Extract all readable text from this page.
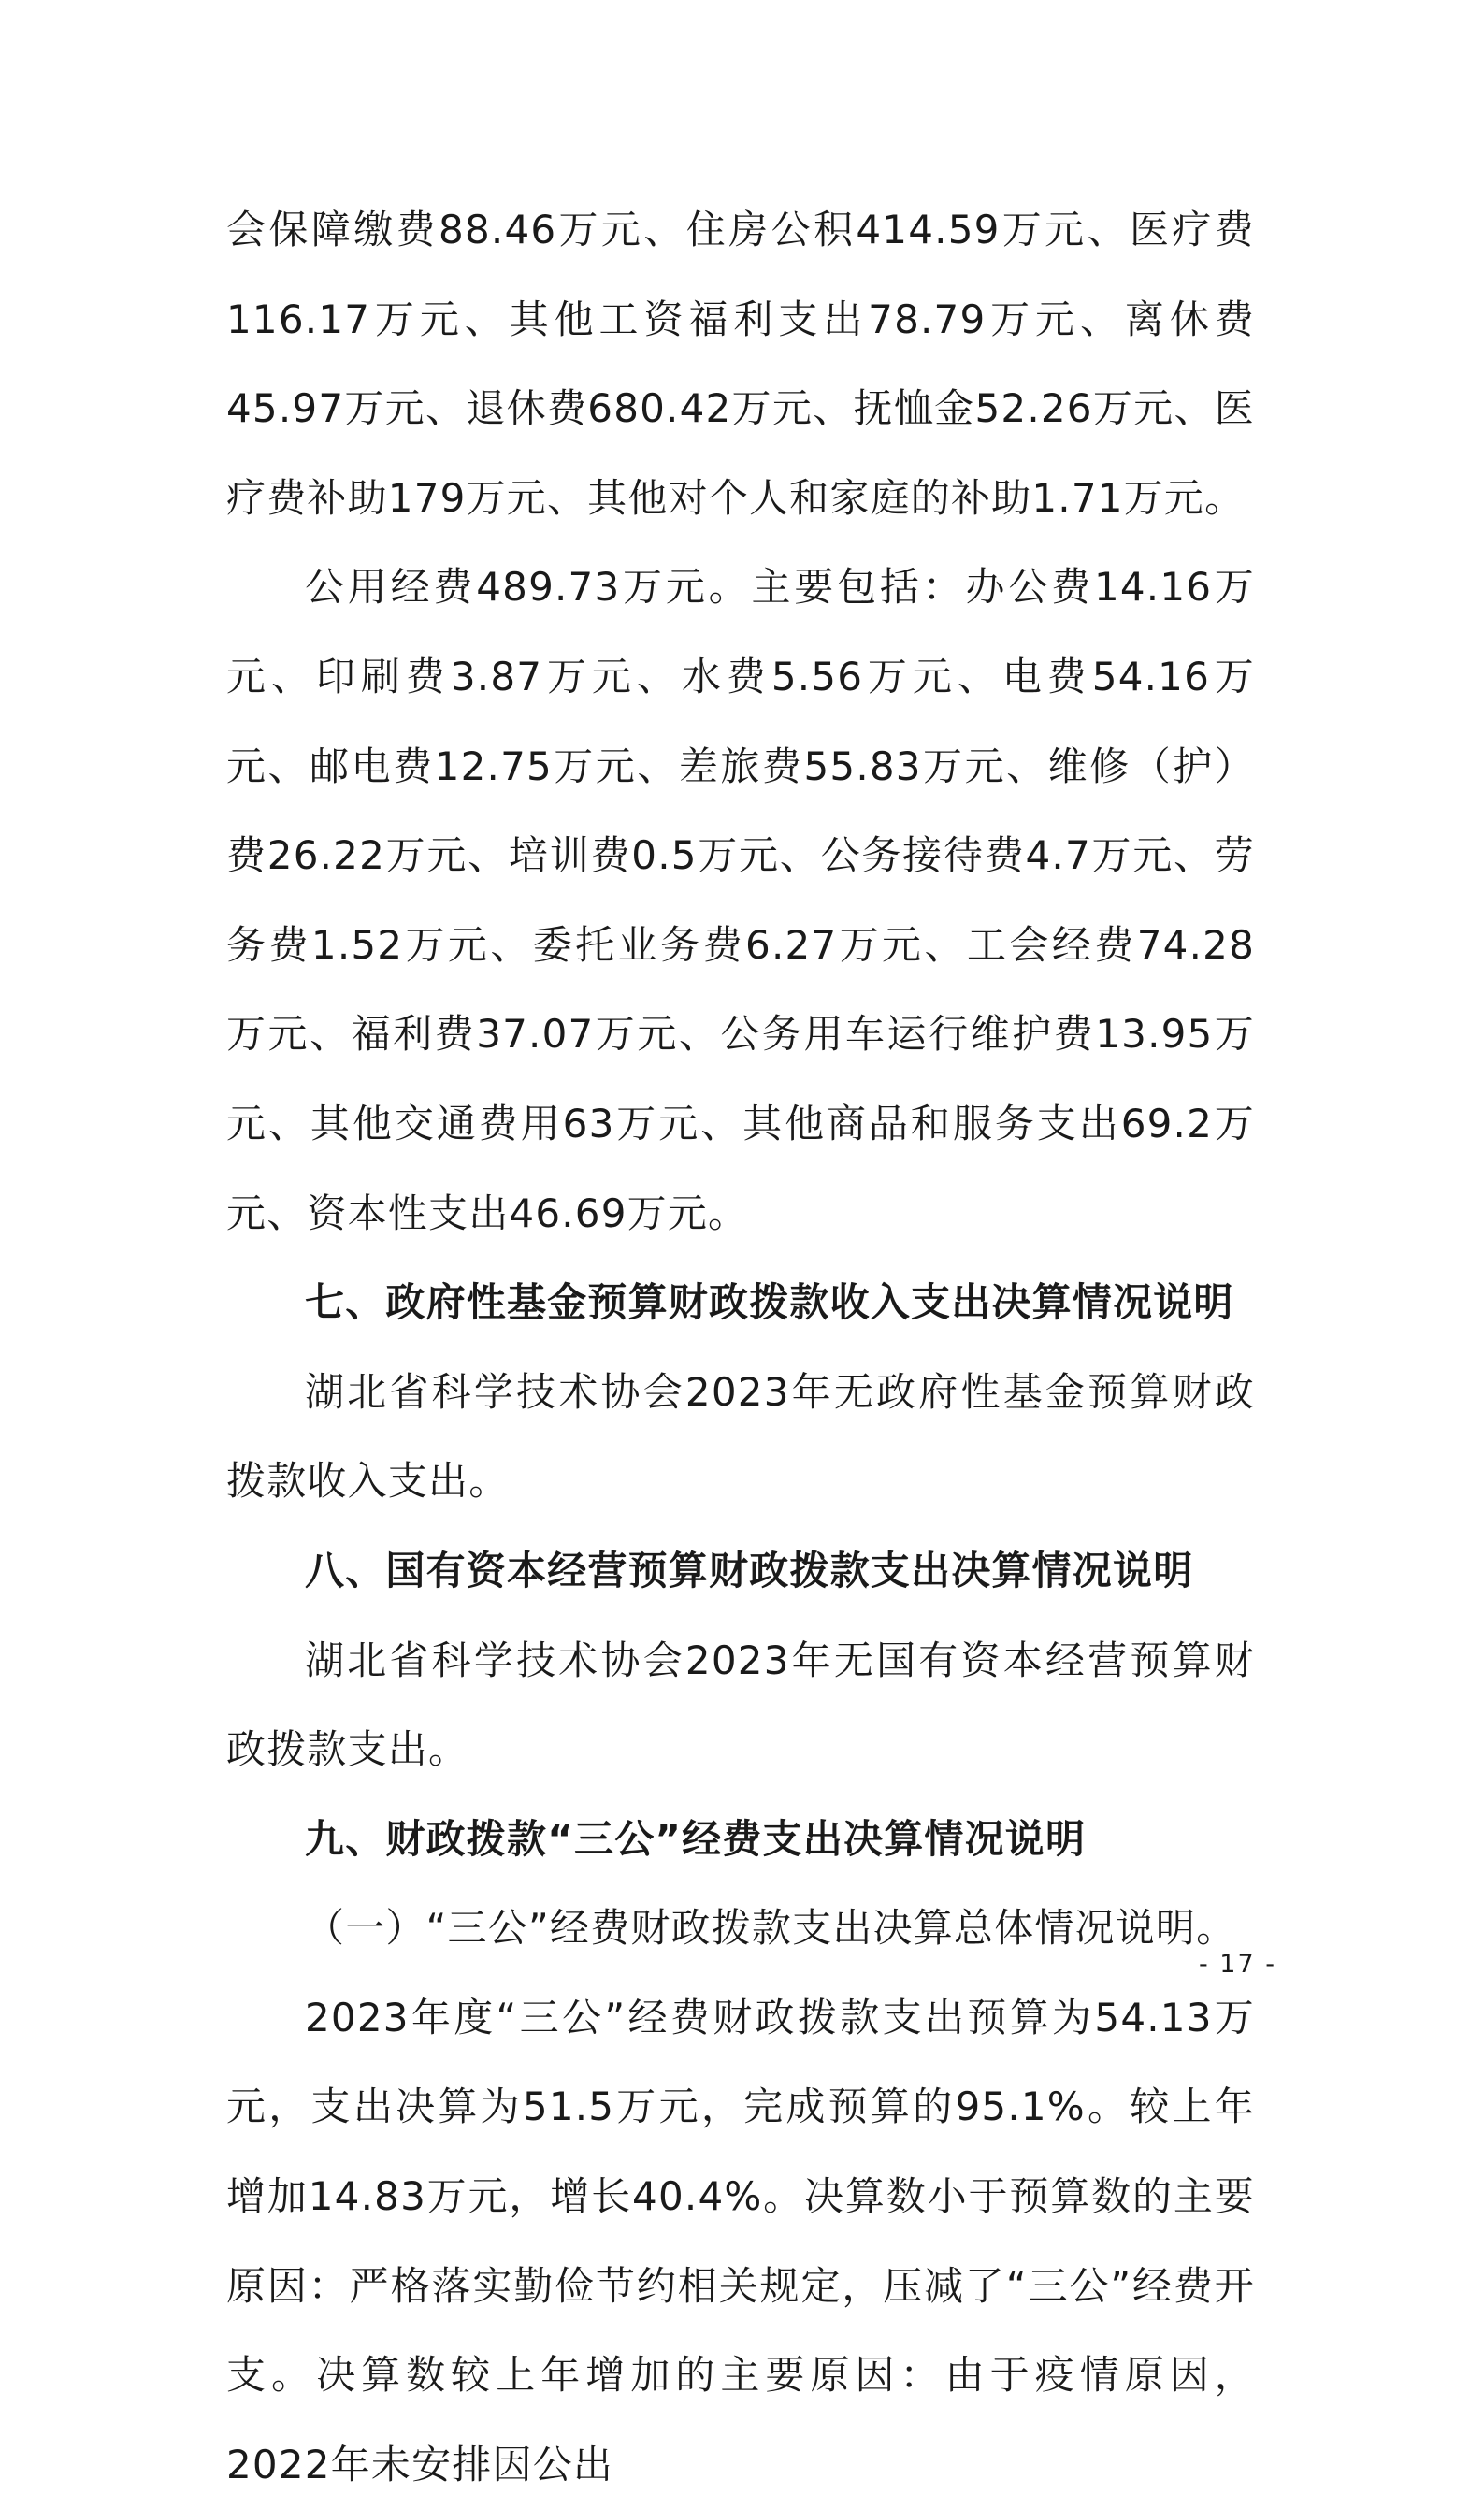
会保障缴费88.46万元、住房公积414.59万元、医疗费116.17万元、其他工资福利支出78.79万元、离休费45.97万元、退休费680.42万元、抚恤金52.26万元、医疗费补助179万元、其他对个人和家庭的补助1.71万元。

公用经费489.73万元。主要包括：办公费14.16万元、印刷费3.87万元、水费5.56万元、电费54.16万元、邮电费12.75万元、差旅费55.83万元、维修（护）费26.22万元、培训费0.5万元、公务接待费4.7万元、劳务费1.52万元、委托业务费6.27万元、工会经费74.28万元、福利费37.07万元、公务用车运行维护费13.95万元、其他交通费用63万元、其他商品和服务支出69.2万元、资本性支出46.69万元。

七、政府性基金预算财政拨款收入支出决算情况说明

湖北省科学技术协会2023年无政府性基金预算财政拨款收入支出。

八、国有资本经营预算财政拨款支出决算情况说明

湖北省科学技术协会2023年无国有资本经营预算财政拨款支出。

九、财政拨款“三公”经费支出决算情况说明

（一）“三公”经费财政拨款支出决算总体情况说明。

2023年度“三公”经费财政拨款支出预算为54.13万元，支出决算为51.5万元，完成预算的95.1%。较上年增加14.83万元，增长40.4%。决算数小于预算数的主要原因：严格落实勤俭节约相关规定，压减了“三公”经费开支。决算数较上年增加的主要原因：由于疫情原因，2022年未安排因公出

- 17 -
